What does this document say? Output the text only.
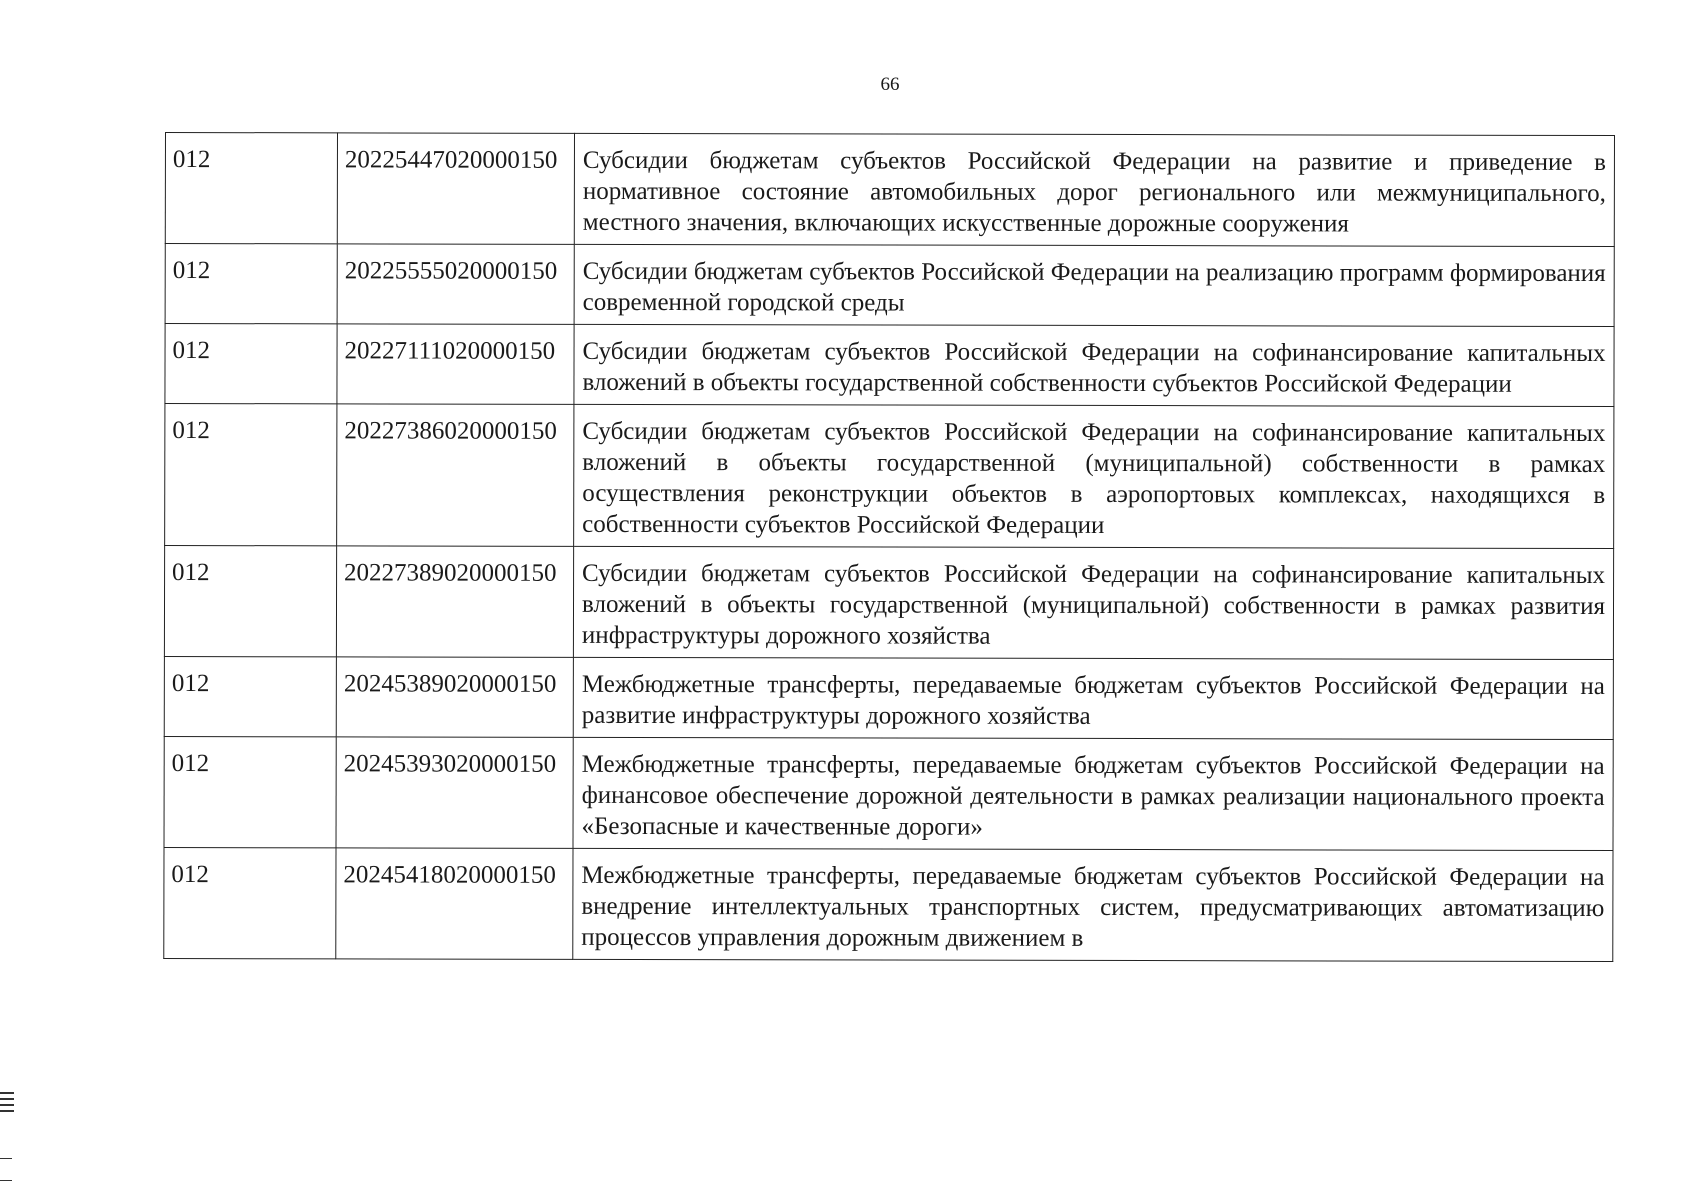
66
012	20225447020000150	Субсидии бюджетам субъектов Российской Федерации на развитие и приведение в нормативное состояние автомобильных дорог регионального или межмуниципального, местного значения, включающих искусственные дорожные сооружения
012	20225555020000150	Субсидии бюджетам субъектов Российской Федерации на реализацию программ формирования современной городской среды
012	20227111020000150	Субсидии бюджетам субъектов Российской Федерации на софинансирование капитальных вложений в объекты государственной собственности субъектов Российской Федерации
012	20227386020000150	Субсидии бюджетам субъектов Российской Федерации на софинансирование капитальных вложений в объекты государственной (муниципальной) собственности в рамках осуществления реконструкции объектов в аэропортовых комплексах, находящихся в собственности субъектов Российской Федерации
012	20227389020000150	Субсидии бюджетам субъектов Российской Федерации на софинансирование капитальных вложений в объекты государственной (муниципальной) собственности в рамках развития инфраструктуры дорожного хозяйства
012	20245389020000150	Межбюджетные трансферты, передаваемые бюджетам субъектов Российской Федерации на развитие инфраструктуры дорожного хозяйства
012	20245393020000150	Межбюджетные трансферты, передаваемые бюджетам субъектов Российской Федерации на финансовое обеспечение дорожной деятельности в рамках реализации национального проекта «Безопасные и качественные дороги»
012	20245418020000150	Межбюджетные трансферты, передаваемые бюджетам субъектов Российской Федерации на внедрение интеллектуальных транспортных систем, предусматривающих автоматизацию процессов управления дорожным движением в
